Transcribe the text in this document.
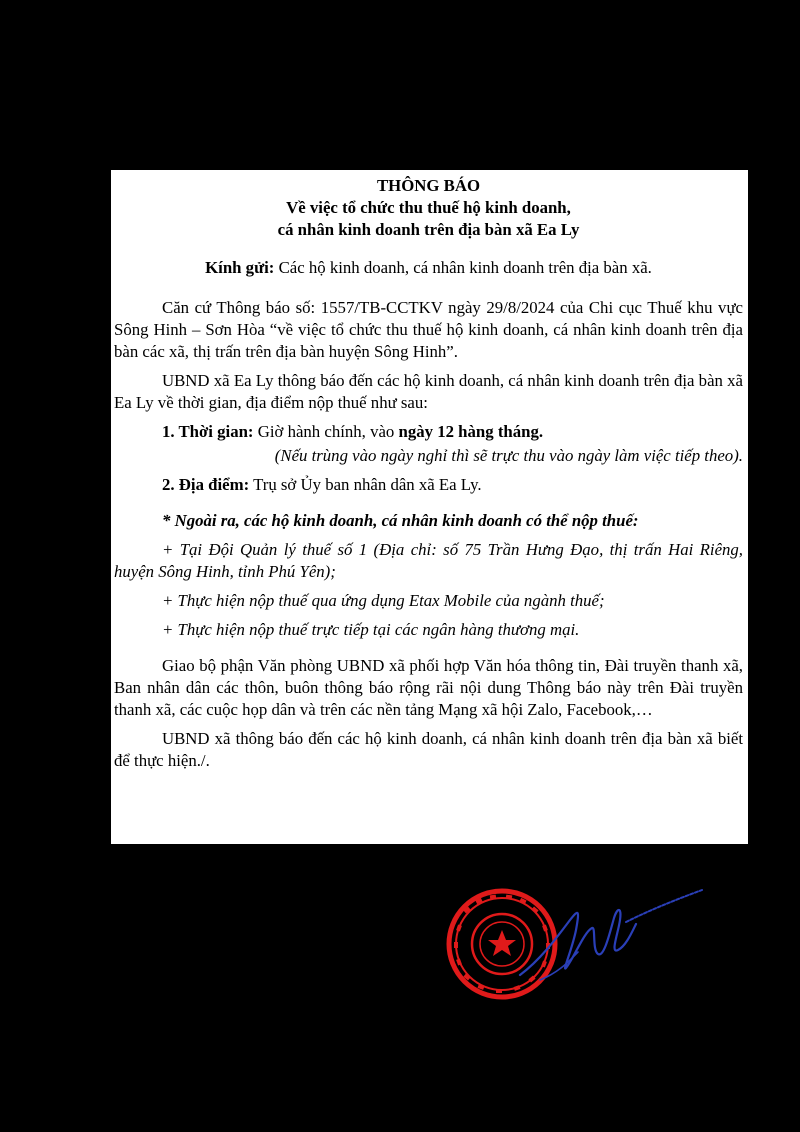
THÔNG BÁO
Về việc tổ chức thu thuế hộ kinh doanh,
cá nhân kinh doanh trên địa bàn xã Ea Ly

Kính gửi: Các hộ kinh doanh, cá nhân kinh doanh trên địa bàn xã.

Căn cứ Thông báo số: 1557/TB-CCTKV ngày 29/8/2024 của Chi cục Thuế khu vực Sông Hinh – Sơn Hòa “về việc tổ chức thu thuế hộ kinh doanh, cá nhân kinh doanh trên địa bàn các xã, thị trấn trên địa bàn huyện Sông Hinh”.

UBND xã Ea Ly thông báo đến các hộ kinh doanh, cá nhân kinh doanh trên địa bàn xã Ea Ly về thời gian, địa điểm nộp thuế như sau:

1. Thời gian: Giờ hành chính, vào ngày 12 hàng tháng.

(Nếu trùng vào ngày nghỉ thì sẽ trực thu vào ngày làm việc tiếp theo).

2. Địa điểm: Trụ sở Ủy ban nhân dân xã Ea Ly.

* Ngoài ra, các hộ kinh doanh, cá nhân kinh doanh có thể nộp thuế:

+ Tại Đội Quản lý thuế số 1 (Địa chỉ: số 75 Trần Hưng Đạo, thị trấn Hai Riêng, huyện Sông Hinh, tỉnh Phú Yên);

+ Thực hiện nộp thuế qua ứng dụng Etax Mobile của ngành thuế;

+ Thực hiện nộp thuế trực tiếp tại các ngân hàng thương mại.

Giao bộ phận Văn phòng UBND xã phối hợp Văn hóa thông tin, Đài truyền thanh xã, Ban nhân dân các thôn, buôn thông báo rộng rãi nội dung Thông báo này trên Đài truyền thanh xã, các cuộc họp dân và trên các nền tảng Mạng xã hội Zalo, Facebook,…

UBND xã thông báo đến các hộ kinh doanh, cá nhân kinh doanh trên địa bàn xã biết để thực hiện./.
